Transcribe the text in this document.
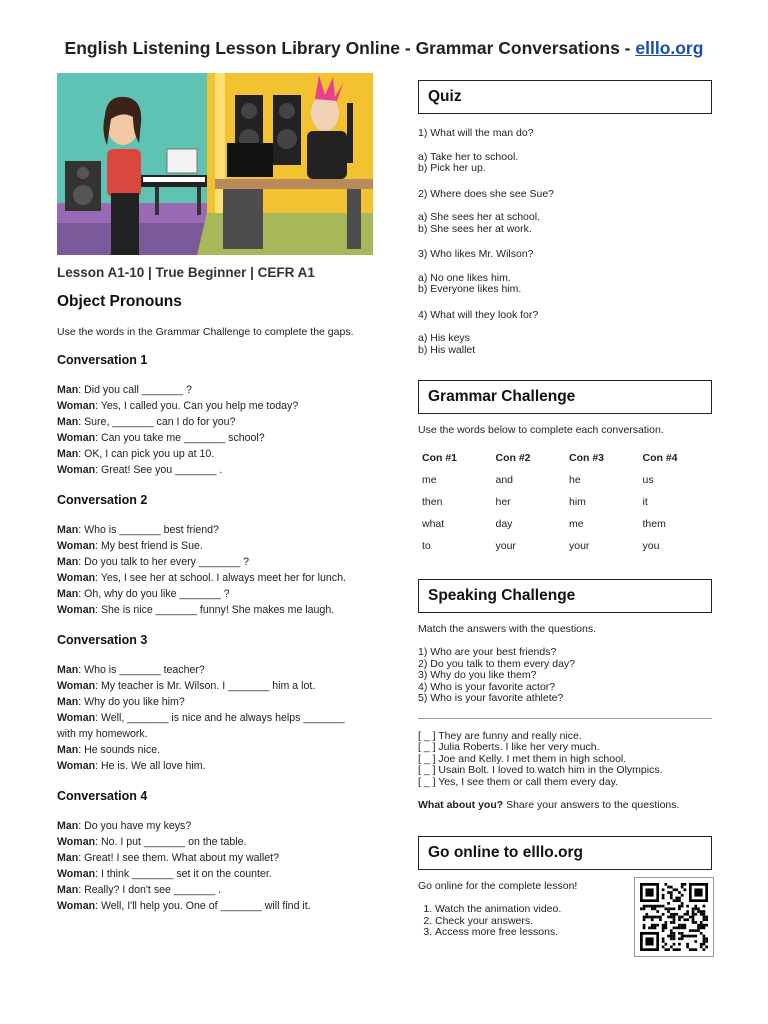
English Listening Lesson Library Online - Grammar Conversations - elllo.org
Lesson A1-10 | True Beginner | CEFR A1
Object Pronouns
Use the words in the Grammar Challenge to complete the gaps.
Conversation 1
Man: Did you call _______ ?
Woman: Yes, I called you. Can you help me today?
Man: Sure, _______ can I do for you?
Woman: Can you take me _______ school?
Man: OK, I can pick you up at 10.
Woman: Great! See you _______ .
Conversation 2
Man: Who is _______ best friend?
Woman: My best friend is Sue.
Man: Do you talk to her every _______ ?
Woman: Yes, I see her at school. I always meet her for lunch.
Man: Oh, why do you like _______ ?
Woman: She is nice _______ funny! She makes me laugh.
Conversation 3
Man: Who is _______ teacher?
Woman: My teacher is Mr. Wilson. I _______ him a lot.
Man: Why do you like him?
Woman: Well, _______ is nice and he always helps _______
with my homework.
Man: He sounds nice.
Woman: He is. We all love him.
Conversation 4
Man: Do you have my keys?
Woman: No. I put _______ on the table.
Man: Great! I see them. What about my wallet?
Woman: I think _______ set it on the counter.
Man: Really? I don't see _______ .
Woman: Well, I'll help you. One of _______ will find it.
Quiz
1) What will the man do?
a) Take her to school.
b) Pick her up.
2) Where does she see Sue?
a) She sees her at school.
b) She sees her at work.
3) Who likes Mr. Wilson?
a) No one likes him.
b) Everyone likes him.
4) What will they look for?
a) His keys
b) His wallet
Grammar Challenge
Use the words below to complete each conversation.
Con #1	Con #2	Con #3	Con #4
me	and	he	us
then	her	him	it
what	day	me	them
to	your	your	you
Speaking Challenge
Match the answers with the questions.
1) Who are your best friends?
2) Do you talk to them every day?
3) Why do you like them?
4) Who is your favorite actor?
5) Who is your favorite athlete?
[ _ ] They are funny and really nice.
[ _ ] Julia Roberts. I like her very much.
[ _ ] Joe and Kelly. I met them in high school.
[ _ ] Usain Bolt. I loved to watch him in the Olympics.
[ _ ] Yes, I see them or call them every day.
What about you? Share your answers to the questions.
Go online to elllo.org
Go online for the complete lesson!
1. Watch the animation video.
2. Check your answers.
3. Access more free lessons.
